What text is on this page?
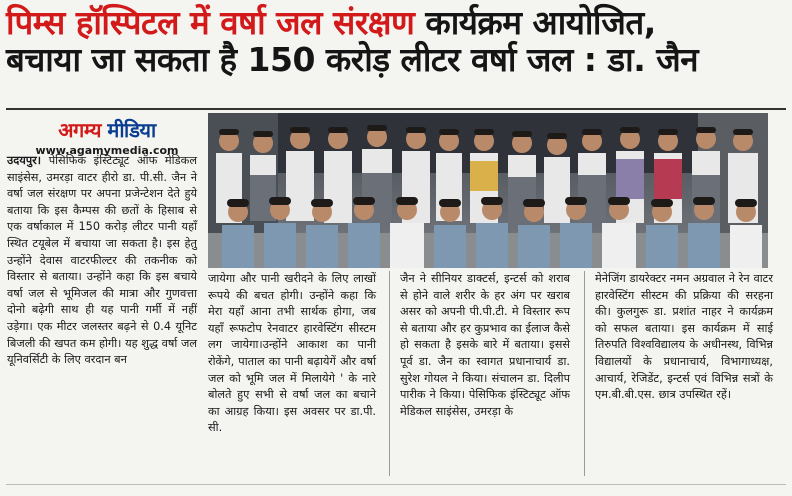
पिम्स हॉस्पिटल में वर्षा जल संरक्षण कार्यक्रम आयोजित,
बचाया जा सकता है 150 करोड़ लीटर वर्षा जल : डा. जैन
अगम्य मीडिया
www.agamymedia.com
उदयपुर। पेसिफिक इंस्टिट्यूट ऑफ मेडिकल साइंसेस, उमरड़ा वाटर हीरो डा. पी.सी. जैन ने वर्षा जल संरक्षण पर अपना प्रजेन्टेशन देते हुये बताया कि इस कैम्पस की छतों के हिसाब से एक वर्षाकाल में 150 करोड़ लीटर पानी यहाँ स्थित टयूबेल में बचाया जा सकता है। इस हेतु उन्होंने देवास वाटरफील्टर की तकनीक को विस्तार से बताया। उन्होंने कहा कि इस बचाये वर्षा जल से भूमिजल की मात्रा और गुणवत्ता दोनो बढ़ेगी साथ ही यह पानी गर्मी में नहीं उड़ेगा। एक मीटर जलस्तर बढ़ने से 0.4 यूनिट बिजली की खपत कम होगी। यह शुद्ध वर्षा जल यूनिवर्सिटी के लिए वरदान बन
जायेगा और पानी खरीदने के लिए लाखों रूपये की बचत होगी। उन्होंने कहा कि मेरा यहाँ आना तभी सार्थक होगा, जब यहाँ रूफटोप रेनवाटर हारवेस्टिंग सीस्टम लग जायेगा।उन्होंने आकाश का पानी रोकेंगे, पाताल का पानी बढ़ायेगें और वर्षा जल को भूमि जल में मिलायेगे ' के नारे बोलते हुए सभी से वर्षा जल का बचाने का आग्रह किया। इस अवसर पर डा.पी. सी.
जैन ने सीनियर डाक्टर्स, इन्टर्स को शराब से होने वाले शरीर के हर अंग पर खराब असर को अपनी पी.पी.टी. मे विस्तार रूप से बताया और हर कुप्रभाव का ईलाज कैसे हो सकता है इसके बारे में बताया। इससे पूर्व डा. जैन का स्वागत प्रधानाचार्य डा. सुरेश गोयल ने किया। संचालन डा. दिलीप पारीक ने किया। पेसिफिक इंस्टिट्यूट ऑफ मेडिकल साइंसेस, उमरड़ा के
मेनेजिंग डायरेक्टर नमन अग्रवाल ने रेन वाटर हारवेस्टिंग सीस्टम की प्रक्रिया की सरहना की। कुलगुरू डा. प्रशांत नाहर ने कार्यक्रम को सफल बताया। इस कार्यक्रम में साई तिरुपति विश्वविद्यालय के अधीनस्थ, विभिन्न विद्यालयों के प्रधानाचार्य, विभागाध्यक्ष, आचार्य, रेजिडेंट, इन्टर्स एवं विभिन्न सत्रों के एम.बी.बी.एस. छात्र उपस्थित रहें।
